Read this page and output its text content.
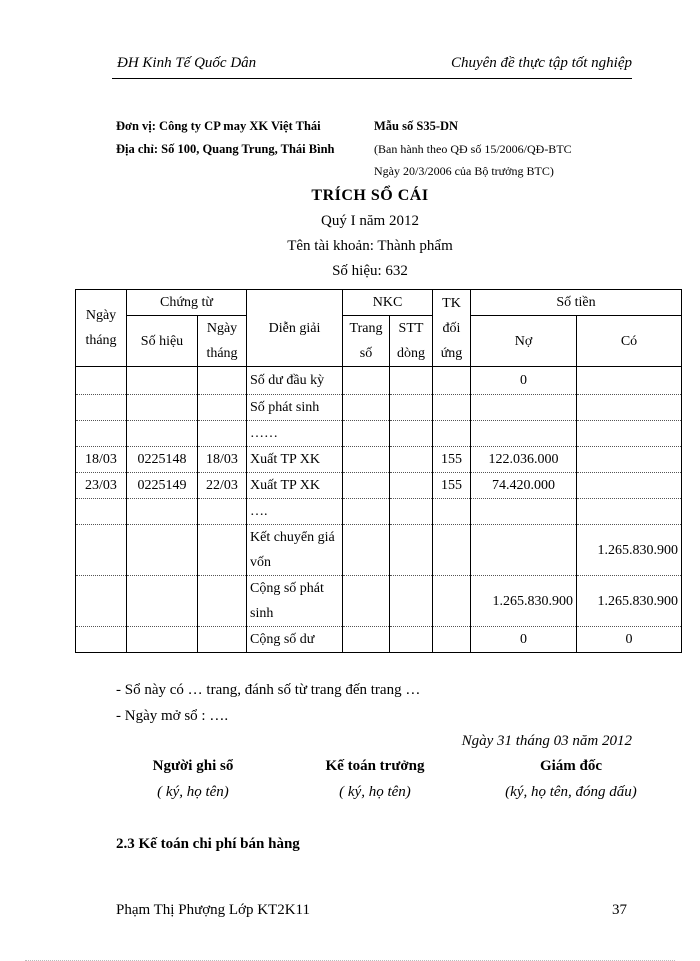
ĐH Kinh Tế Quốc Dân	Chuyên đề thực tập tốt nghiệp
Đơn vị: Công ty CP may XK Việt Thái
Địa chỉ: Số 100, Quang Trung, Thái Bình
Mẫu số S35-DN
(Ban hành theo QĐ số 15/2006/QĐ-BTC
Ngày 20/3/2006 của Bộ trưởng BTC)
TRÍCH SỔ CÁI
Quý I năm 2012
Tên tài khoản: Thành phẩm
Số hiệu: 632
Ngày tháng	Chứng từ		Diễn giải	NKC		TK đối ứng	Số tiền	
	Số hiệu	Ngày tháng		Trang số	STT dòng		Nợ	Có
			Số dư đầu kỳ				0	
			Số phát sinh					
			……					
18/03	0225148	18/03	Xuất TP XK			155	122.036.000	
23/03	0225149	22/03	Xuất TP XK			155	74.420.000	
			….					
			Kết chuyển giá vốn					1.265.830.900
			Cộng số phát sinh				1.265.830.900	1.265.830.900
			Cộng số dư				0	0
- Sổ này có … trang, đánh số từ trang đến trang …
- Ngày mở sổ : ….
Ngày 31 tháng 03 năm 2012
Người ghi sổ	Kế toán trưởng	Giám đốc
( ký, họ tên)	( ký, họ tên)	(ký, họ tên, đóng dấu)
2.3 Kế toán chi phí bán hàng
Phạm Thị Phượng Lớp KT2K11	37
